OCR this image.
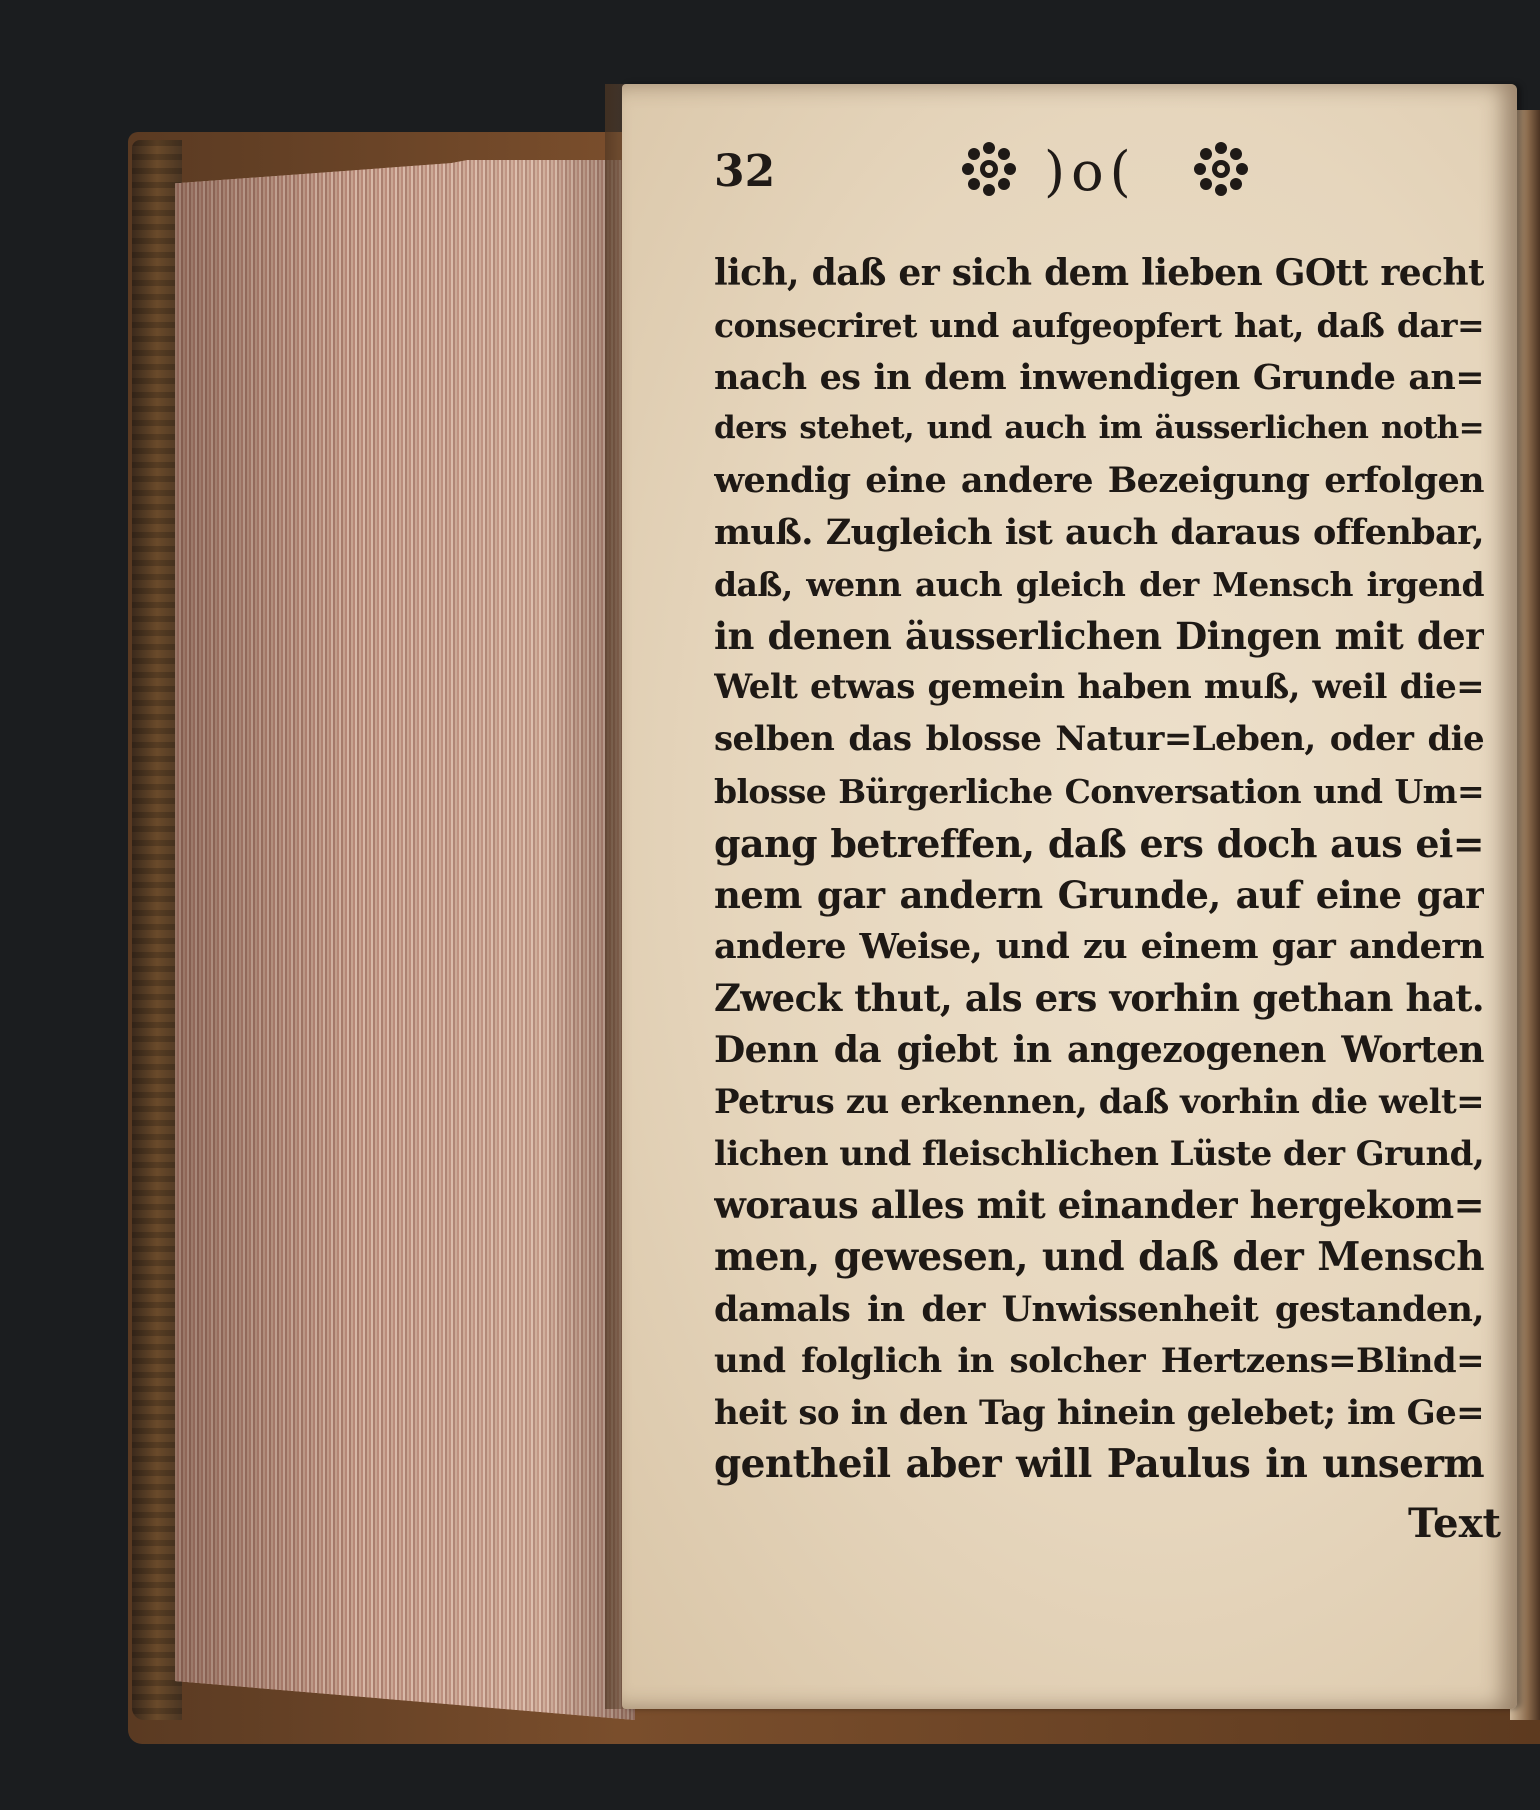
32	)o(
lich, daß er sich dem lieben GOtt recht
consecriret und aufgeopfert hat, daß dar=
nach es in dem inwendigen Grunde an=
ders stehet, und auch im äusserlichen noth=
wendig eine andere Bezeigung erfolgen
muß. Zugleich ist auch daraus offenbar,
daß, wenn auch gleich der Mensch irgend
in denen äusserlichen Dingen mit der
Welt etwas gemein haben muß, weil die=
selben das blosse Natur=Leben, oder die
blosse Bürgerliche Conversation und Um=
gang betreffen, daß ers doch aus ei=
nem gar andern Grunde, auf eine gar
andere Weise, und zu einem gar andern
Zweck thut, als ers vorhin gethan hat.
Denn da giebt in angezogenen Worten
Petrus zu erkennen, daß vorhin die welt=
lichen und fleischlichen Lüste der Grund,
woraus alles mit einander hergekom=
men, gewesen, und daß der Mensch
damals in der Unwissenheit gestanden,
und folglich in solcher Hertzens=Blind=
heit so in den Tag hinein gelebet; im Ge=
gentheil aber will Paulus in unserm
Text
